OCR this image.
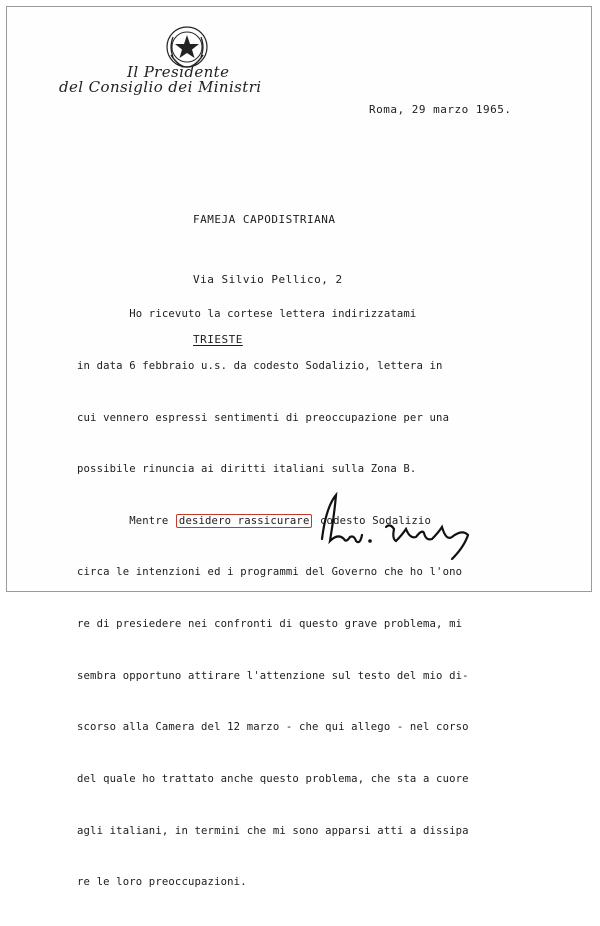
Il Presidente
del Consiglio dei Ministri
Roma, 29 marzo 1965.

FAMEJA CAPODISTRIANA

Via Silvio Pellico, 2

TRIESTE

Ho ricevuto la cortese lettera indirizzatami

in data 6 febbraio u.s. da codesto Sodalizio, lettera in

cui vennero espressi sentimenti di preoccupazione per una

possibile rinuncia ai diritti italiani sulla Zona B.

Mentre desidero rassicurare codesto Sodalizio

circa le intenzioni ed i programmi del Governo che ho l'ono

re di presiedere nei confronti di questo grave problema, mi

sembra opportuno attirare l'attenzione sul testo del mio di-

scorso alla Camera del 12 marzo - che qui allego - nel corso

del quale ho trattato anche questo problema, che sta a cuore

agli italiani, in termini che mi sono apparsi atti a dissipa

re le loro preoccupazioni.
